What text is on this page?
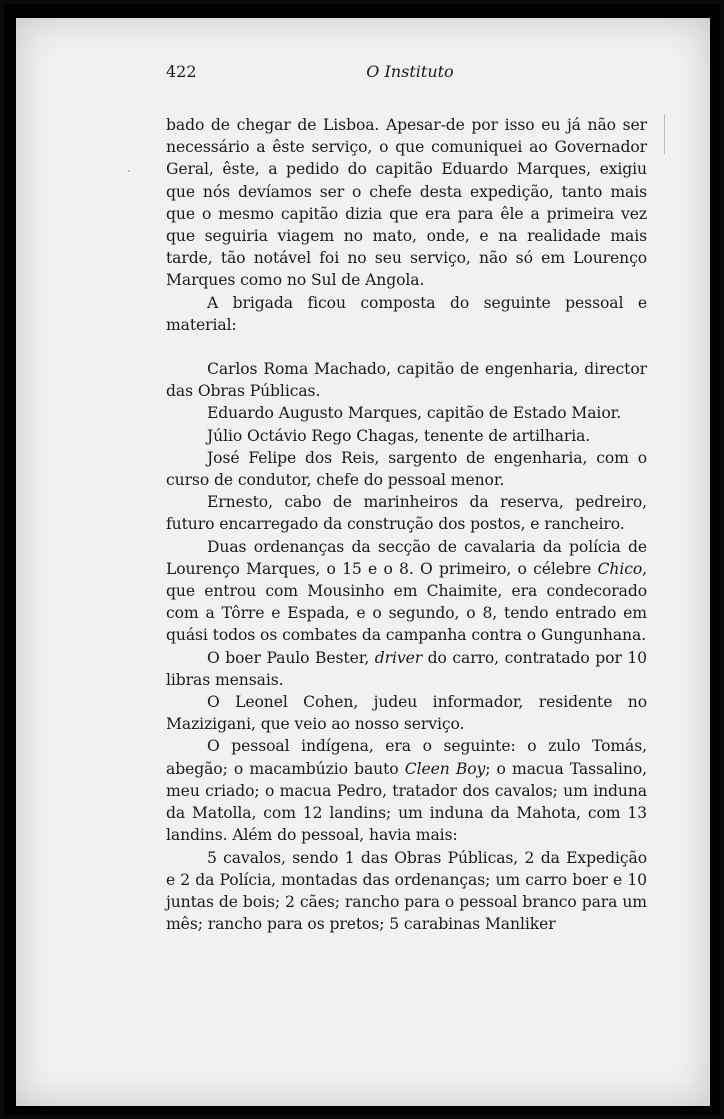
422	O Instituto

bado de chegar de Lisboa. Apesar-de por isso eu já não ser necessário a êste serviço, o que comuniquei ao Governador Geral, êste, a pedido do capitão Eduardo Marques, exigiu que nós devíamos ser o chefe desta expedição, tanto mais que o mesmo capitão dizia que era para êle a primeira vez que seguiria viagem no mato, onde, e na realidade mais tarde, tão notável foi no seu serviço, não só em Lourenço Marques como no Sul de Angola.

A brigada ficou composta do seguinte pessoal e material:

Carlos Roma Machado, capitão de engenharia, director das Obras Públicas.

Eduardo Augusto Marques, capitão de Estado Maior.

Júlio Octávio Rego Chagas, tenente de artilharia.

José Felipe dos Reis, sargento de engenharia, com o curso de condutor, chefe do pessoal menor.

Ernesto, cabo de marinheiros da reserva, pedreiro, futuro encarregado da construção dos postos, e rancheiro.

Duas ordenanças da secção de cavalaria da polícia de Lourenço Marques, o 15 e o 8. O primeiro, o célebre Chico, que entrou com Mousinho em Chaimite, era condecorado com a Tôrre e Espada, e o segundo, o 8, tendo entrado em quási todos os combates da campanha contra o Gungunhana.

O boer Paulo Bester, driver do carro, contratado por 10 libras mensais.

O Leonel Cohen, judeu informador, residente no Mazizigani, que veio ao nosso serviço.

O pessoal indígena, era o seguinte: o zulo Tomás, abegão; o macambúzio bauto Cleen Boy; o macua Tassalino, meu criado; o macua Pedro, tratador dos cavalos; um induna da Matolla, com 12 landins; um induna da Mahota, com 13 landins. Além do pessoal, havia mais:

5 cavalos, sendo 1 das Obras Públicas, 2 da Expedição e 2 da Polícia, montadas das ordenanças; um carro boer e 10 juntas de bois; 2 cães; rancho para o pessoal branco para um mês; rancho para os pretos; 5 carabinas Manliker
